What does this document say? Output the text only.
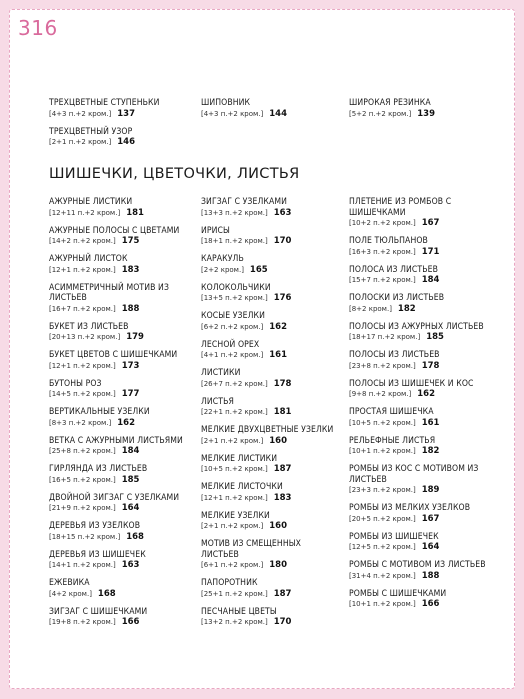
316
ТРЕХЦВЕТНЫЕ СТУПЕНЬКИ
[4+3 п.+2 кром.] 137
ТРЕХЦВЕТНЫЙ УЗОР
[2+1 п.+2 кром.] 146
ШИПОВНИК
[4+3 п.+2 кром.] 144
ШИРОКАЯ РЕЗИНКА
[5+2 п.+2 кром.] 139
ШИШЕЧКИ, ЦВЕТОЧКИ, ЛИСТЬЯ
АЖУРНЫЕ ЛИСТИКИ
[12+11 п.+2 кром.] 181
АЖУРНЫЕ ПОЛОСЫ С ЦВЕТАМИ
[14+2 п.+2 кром.] 175
АЖУРНЫЙ ЛИСТОК
[12+1 п.+2 кром.] 183
АСИММЕТРИЧНЫЙ МОТИВ ИЗ ЛИСТЬЕВ
[16+7 п.+2 кром.] 188
БУКЕТ ИЗ ЛИСТЬЕВ
[20+13 п.+2 кром.] 179
БУКЕТ ЦВЕТОВ С ШИШЕЧКАМИ
[12+1 п.+2 кром.] 173
БУТОНЫ РОЗ
[14+5 п.+2 кром.] 177
ВЕРТИКАЛЬНЫЕ УЗЕЛКИ
[8+3 п.+2 кром.] 162
ВЕТКА С АЖУРНЫМИ ЛИСТЬЯМИ
[25+8 п.+2 кром.] 184
ГИРЛЯНДА ИЗ ЛИСТЬЕВ
[16+5 п.+2 кром.] 185
ДВОЙНОЙ ЗИГЗАГ С УЗЕЛКАМИ
[21+9 п.+2 кром.] 164
ДЕРЕВЬЯ ИЗ УЗЕЛКОВ
[18+15 п.+2 кром.] 168
ДЕРЕВЬЯ ИЗ ШИШЕЧЕК
[14+1 п.+2 кром.] 163
ЕЖЕВИКА
[4+2 кром.] 168
ЗИГЗАГ С ШИШЕЧКАМИ
[19+8 п.+2 кром.] 166
ЗИГЗАГ С УЗЕЛКАМИ
[13+3 п.+2 кром.] 163
ИРИСЫ
[18+1 п.+2 кром.] 170
КАРАКУЛЬ
[2+2 кром.] 165
КОЛОКОЛЬЧИКИ
[13+5 п.+2 кром.] 176
КОСЫЕ УЗЕЛКИ
[6+2 п.+2 кром.] 162
ЛЕСНОЙ ОРЕХ
[4+1 п.+2 кром.] 161
ЛИСТИКИ
[26+7 п.+2 кром.] 178
ЛИСТЬЯ
[22+1 п.+2 кром.] 181
МЕЛКИЕ ДВУХЦВЕТНЫЕ УЗЕЛКИ
[2+1 п.+2 кром.] 160
МЕЛКИЕ ЛИСТИКИ
[10+5 п.+2 кром.] 187
МЕЛКИЕ ЛИСТОЧКИ
[12+1 п.+2 кром.] 183
МЕЛКИЕ УЗЕЛКИ
[2+1 п.+2 кром.] 160
МОТИВ ИЗ СМЕЩЕННЫХ ЛИСТЬЕВ
[6+1 п.+2 кром.] 180
ПАПОРОТНИК
[25+1 п.+2 кром.] 187
ПЕСЧАНЫЕ ЦВЕТЫ
[13+2 п.+2 кром.] 170
ПЛЕТЕНИЕ ИЗ РОМБОВ С ШИШЕЧКАМИ
[10+2 п.+2 кром.] 167
ПОЛЕ ТЮЛЬПАНОВ
[16+3 п.+2 кром.] 171
ПОЛОСА ИЗ ЛИСТЬЕВ
[15+7 п.+2 кром.] 184
ПОЛОСКИ ИЗ ЛИСТЬЕВ
[8+2 кром.] 182
ПОЛОСЫ ИЗ АЖУРНЫХ ЛИСТЬЕВ
[18+17 п.+2 кром.] 185
ПОЛОСЫ ИЗ ЛИСТЬЕВ
[23+8 п.+2 кром.] 178
ПОЛОСЫ ИЗ ШИШЕЧЕК И КОС
[9+8 п.+2 кром.] 162
ПРОСТАЯ ШИШЕЧКА
[10+5 п.+2 кром.] 161
РЕЛЬЕФНЫЕ ЛИСТЬЯ
[10+1 п.+2 кром.] 182
РОМБЫ ИЗ КОС С МОТИВОМ ИЗ ЛИСТЬЕВ
[23+3 п.+2 кром.] 189
РОМБЫ ИЗ МЕЛКИХ УЗЕЛКОВ
[20+5 п.+2 кром.] 167
РОМБЫ ИЗ ШИШЕЧЕК
[12+5 п.+2 кром.] 164
РОМБЫ С МОТИВОМ ИЗ ЛИСТЬЕВ
[31+4 п.+2 кром.] 188
РОМБЫ С ШИШЕЧКАМИ
[10+1 п.+2 кром.] 166
